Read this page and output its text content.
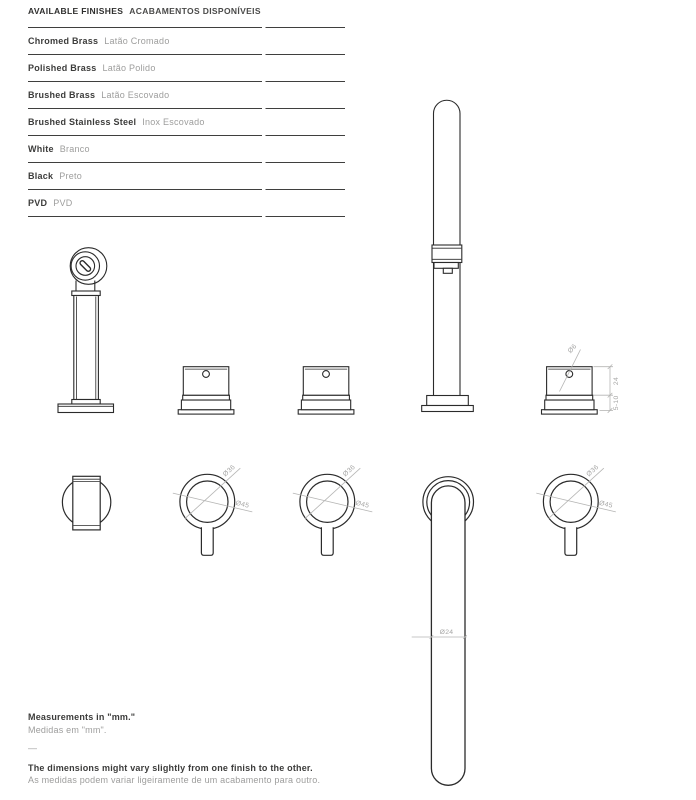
Ø6
24
5-10
Ø36
Ø45
Ø36
Ø45
Ø24
Ø36
Ø45
AVAILABLE FINISHES ACABAMENTOS DISPONÍVEIS
Chromed Brass Latão Cromado
Polished Brass Latão Polido
Brushed Brass Latão Escovado
Brushed Stainless Steel Inox Escovado
White Branco
Black Preto
PVD PVD
Measurements in "mm."
Medidas em "mm".
—
The dimensions might vary slightly from one finish to the other.
As medidas podem variar ligeiramente de um acabamento para outro.
